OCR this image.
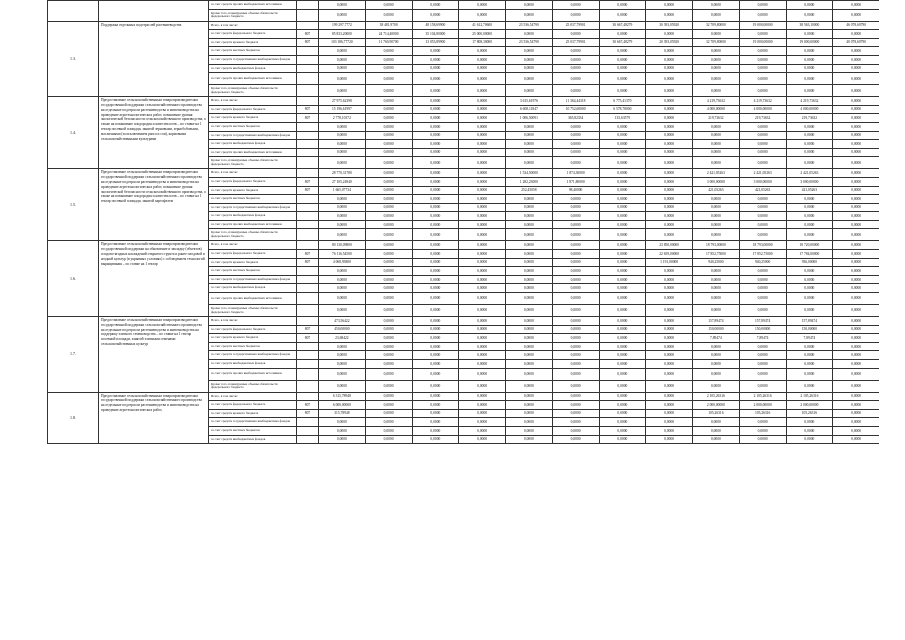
		за счет средств прочих внебюджетных источников		0,0000	0,0000	0,0000	0,0000	0,0000	0,0000	0,0000	0,0000	0,0000	0,0000	0,0000	0,0000	
		Кроме того, планируемые объемы обязательств федерального бюджета		0,0000	0,0000	0,0000	0,0000	0,0000	0,0000	0,0000	0,0000	0,0000	0,0000	0,0000	0,0000	
1.3.	Поддержка отдельных подотраслей растениеводства	Всего, в том числе:		199 297,7772	38 481,9700	48 158,69900	41 612,70600	23 536,54790	25 037,79901	30 667,48279	30 393,05920	32 709,80000	19 000,00000	38 563,10000	46 078,60790	
		за счет средств федерального бюджета	807	85 833,20000	24 714,40000	35 104,80000	25 000,00000	0,0000	0,0000	0,0000	0,0000	0,0000	0,0000	0,0000	0,0000	
		за счет средств краевого бюджета	807	103 186,77720	11 760,90700	13 053,89900	17 808,30000	23 536,54790	25 037,79901	30 667,48279	20 393,05920	32 709,80000	19 000,00000	19 000,00000	40 078,60790	
		за счет средств местных бюджетов		0,0000	0,0000	0,0000	0,0000	0,0000	0,0000	0,0000	0,0000	0,0000	0,0000	0,0000	0,0000	
		за счет средств государственных внебюджетных фондов		0,0000	0,0000	0,0000	0,0000	0,0000	0,0000	0,0000	0,0000	0,0000	0,0000	0,0000	0,0000	
		за счет средств внебюджетных фондов		0,0000	0,0000	0,0000	0,0000	0,0000	0,0000	0,0000	0,0000	0,0000	0,0000	0,0000	0,0000	
		за счет средств прочих внебюджетных источников		0,0000	0,0000	0,0000	0,0000	0,0000	0,0000	0,0000	0,0000	0,0000	0,0000	0,0000	0,0000	
		Кроме того, планируемые объемы обязательств федерального бюджета		0,0000	0,0000	0,0000	0,0000	0,0000	0,0000	0,0000	0,0000	0,0000	0,0000	0,0000	0,0000	
1.4.	Предоставление сельскохозяйственным товаропроизводителям государственной поддержки сельскохозяйственного производства на отдельные подотрасли растениеводства и животноводства на проведение агротехнологических работ, повышение уровня экологической безопасности сельскохозяйственного производства, а также на повышение плодородия и качества почв – по ставке на 1 гектар посевной площади, занятой зерновыми, зернобобовыми, масличными (за исключением рапса и сои), кормовыми сельскохозяйственными культурами	Всего, в том числе:		27 975,62398	0,0000	0,0000	0,0000	3 615,61976	11 364,44318	6 775,41370	0,0000	4 219,73632	4 219,73632	4 219,73632	0,0000	
		за счет средств федерального бюджета	807	15 196,61997	0,0000	0,0000	0,0000	6 608,11847	10 752,60000	6 578,78000	0,0000	4 000,00000	4 000,00000	4 000,00000	0,0000	
		за счет средств краевого бюджета	807	2 778,10372	0,0000	0,0000	0,0000	1 006,50091	365,82334	135,63579	0,0000	219,73632	219,73632	219,73632	0,0000	
		за счет средств местных бюджетов		0,0000	0,0000	0,0000	0,0000	0,0000	0,0000	0,0000	0,0000	0,0000	0,0000	0,0000	0,0000	
		за счет средств государственных внебюджетных фондов		0,0000	0,0000	0,0000	0,0000	0,0000	0,0000	0,0000	0,0000	0,0000	0,0000	0,0000	0,0000	
		за счет средств внебюджетных фондов		0,0000	0,0000	0,0000	0,0000	0,0000	0,0000	0,0000	0,0000	0,0000	0,0000	0,0000	0,0000	
		за счет средств прочих внебюджетных источников		0,0000	0,0000	0,0000	0,0000	0,0000	0,0000	0,0000	0,0000	0,0000	0,0000	0,0000	0,0000	
		Кроме того, планируемые объемы обязательств федерального бюджета		0,0000	0,0000	0,0000	0,0000	0,0000	0,0000	0,0000	0,0000	0,0000	0,0000	0,0000	0,0000	
1.5.	Предоставление сельскохозяйственным товаропроизводителям государственной поддержки сельскохозяйственного производства на отдельные подотрасли растениеводства и животноводства на проведение агротехнологических работ, повышение уровня экологической безопасности сельскохозяйственного производства, а также на повышение плодородия и качества почв – по ставке на 1 гектар посевной площади, занятой картофелем	Всего, в том числе:		28 770,31780	0,0000	0,0000	0,0000	1 534,50000	1 874,30000	0,0000	0,0000	2 421,05263	2 421,05263	2 421,05263	0,0000	
		за счет средств федерального бюджета	807	27 105,24940	0,0000	0,0000	0,0000	1 282,23000	1 871,80000	0,0000	0,0000	3 000,00000	3 000,00000	3 000,00000	0,0000	
		за счет средств краевого бюджета	807	1 665,07734	0,0000	0,0000	0,0000	252,45058	98,40000	0,0000	0,0000	421,05263	421,05263	421,05263	0,0000	
		за счет средств местных бюджетов		0,0000	0,0000	0,0000	0,0000	0,0000	0,0000	0,0000	0,0000	0,0000	0,0000	0,0000	0,0000	
		за счет средств государственных внебюджетных фондов		0,0000	0,0000	0,0000	0,0000	0,0000	0,0000	0,0000	0,0000	0,0000	0,0000	0,0000	0,0000	
		за счет средств внебюджетных фондов		0,0000	0,0000	0,0000	0,0000	0,0000	0,0000	0,0000	0,0000	0,0000	0,0000	0,0000	0,0000	
		за счет средств прочих внебюджетных источников		0,0000	0,0000	0,0000	0,0000	0,0000	0,0000	0,0000	0,0000	0,0000	0,0000	0,0000	0,0000	
		Кроме того, планируемые объемы обязательств федерального бюджета		0,0000	0,0000	0,0000	0,0000	0,0000	0,0000	0,0000	0,0000	0,0000	0,0000	0,0000	0,0000	
1.6.	Предоставление сельскохозяйственным товаропроизводителям государственной поддержки на обновление и закладку (объектов) плодово-ягодных насаждений открытого грунта и ранее плодовой и ягодной культур (в укрывных условиях) с соблюдением технологий выращивания – по ставке на 1 гектар	Всего, в том числе:		80 130,09800	0,0000	0,0000	0,0000	0,0000	0,0000	0,0000	23 850,00000	18 793,00000	18 793,00000	18 720,00000	0,0000	
		за счет средств федерального бюджета	807	76 116,54500	0,0000	0,0000	0,0000	0,0000	0,0000	0,0000	22 659,00000	17 852,75000	17 852,75000	17 784,00000	0,0000	
		за счет средств краевого бюджета	807	4 068,93800	0,0000	0,0000	0,0000	0,0000	0,0000	0,0000	1 191,00000	940,25000	940,25000	936,00000	0,0000	
		за счет средств местных бюджетов		0,0000	0,0000	0,0000	0,0000	0,0000	0,0000	0,0000	0,0000	0,0000	0,0000	0,0000	0,0000	
		за счет средств государственных внебюджетных фондов		0,0000	0,0000	0,0000	0,0000	0,0000	0,0000	0,0000	0,0000	0,0000	0,0000	0,0000	0,0000	
		за счет средств внебюджетных фондов		0,0000	0,0000	0,0000	0,0000	0,0000	0,0000	0,0000	0,0000	0,0000	0,0000	0,0000	0,0000	
		за счет средств прочих внебюджетных источников		0,0000	0,0000	0,0000	0,0000	0,0000	0,0000	0,0000	0,0000	0,0000	0,0000	0,0000	0,0000	
		Кроме того, планируемые объемы обязательств федерального бюджета		0,0000	0,0000	0,0000	0,0000	0,0000	0,0000	0,0000	0,0000	0,0000	0,0000	0,0000	0,0000	
1.7.	Предоставление сельскохозяйственным товаропроизводителям государственной поддержки сельскохозяйственного производства на отдельные подотрасли растениеводства и животноводства на поддержку элитного семеноводства – по ставке на 1 гектар посевной площади, занятой элитными семенами сельскохозяйственных культур	Всего, в том числе:		473,56422	0,0000	0,0000	0,0000	0,0000	0,0000	0,0000	0,0000	157,89474	157,89474	157,89474	0,0000	
		за счет средств федерального бюджета	807	450,00000	0,0000	0,0000	0,0000	0,0000	0,0000	0,0000	0,0000	150,00000	150,00000	150,00000	0,0000	
		за счет средств краевого бюджета	807	23,68422	0,0000	0,0000	0,0000	0,0000	0,0000	0,0000	0,0000	7,89474	7,89474	7,89474	0,0000	
		за счет средств местных бюджетов		0,0000	0,0000	0,0000	0,0000	0,0000	0,0000	0,0000	0,0000	0,0000	0,0000	0,0000	0,0000	
		за счет средств государственных внебюджетных фондов		0,0000	0,0000	0,0000	0,0000	0,0000	0,0000	0,0000	0,0000	0,0000	0,0000	0,0000	0,0000	
		за счет средств внебюджетных фондов		0,0000	0,0000	0,0000	0,0000	0,0000	0,0000	0,0000	0,0000	0,0000	0,0000	0,0000	0,0000	
		за счет средств прочих внебюджетных источников		0,0000	0,0000	0,0000	0,0000	0,0000	0,0000	0,0000	0,0000	0,0000	0,0000	0,0000	0,0000	
		Кроме того, планируемые объемы обязательств федерального бюджета		0,0000	0,0000	0,0000	0,0000	0,0000	0,0000	0,0000	0,0000	0,0000	0,0000	0,0000	0,0000	
1.8.	Предоставление сельскохозяйственным товаропроизводителям государственной поддержки сельскохозяйственного производства на отдельные подотрасли растениеводства и животноводства на проведение агротехнологических работ,	Всего, в том числе:		6 315,78948	0,0000	0,0000	0,0000	0,0000	0,0000	0,0000	0,0000	2 105,26316	2 105,26316	2 105,26316	0,0000	
		за счет средств федерального бюджета	807	6 000,00000	0,0000	0,0000	0,0000	0,0000	0,0000	0,0000	0,0000	2 000,00000	2 000,00000	2 000,00000	0,0000	
		за счет средств краевого бюджета	807	315,78948	0,0000	0,0000	0,0000	0,0000	0,0000	0,0000	0,0000	105,26316	105,26316	105,26316	0,0000	
		за счет средств государственных внебюджетных фондов		0,0000	0,0000	0,0000	0,0000	0,0000	0,0000	0,0000	0,0000	0,0000	0,0000	0,0000	0,0000	
		за счет средств местных бюджетов		0,0000	0,0000	0,0000	0,0000	0,0000	0,0000	0,0000	0,0000	0,0000	0,0000	0,0000	0,0000	
		за счет средств внебюджетных фондов		0,0000	0,0000	0,0000	0,0000	0,0000	0,0000	0,0000	0,0000	0,0000	0,0000	0,0000	0,0000	
